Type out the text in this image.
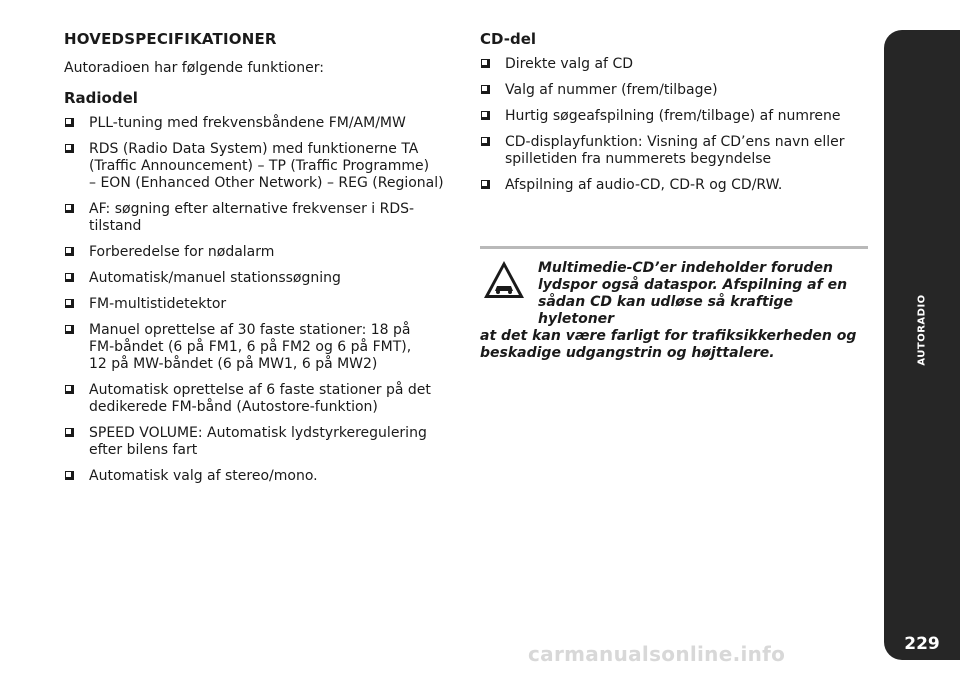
HOVEDSPECIFIKATIONER

Autoradioen har følgende funktioner:

Radiodel
PLL-tuning med frekvensbåndene FM/AM/MW
RDS (Radio Data System) med funktionerne TA
(Traffic Announcement) – TP (Traffic Programme)
– EON (Enhanced Other Network) – REG (Regional)
AF: søgning efter alternative frekvenser i RDS-tilstand
Forberedelse for nødalarm
Automatisk/manuel stationssøgning
FM-multistidetektor
Manuel oprettelse af 30 faste stationer: 18 på
FM-båndet (6 på FM1, 6 på FM2 og 6 på FMT),
12 på MW-båndet (6 på MW1, 6 på MW2)
Automatisk oprettelse af 6 faste stationer på det
dedikerede FM-bånd (Autostore-funktion)
SPEED VOLUME: Automatisk lydstyrkeregulering
efter bilens fart
Automatisk valg af stereo/mono.
CD-del
Direkte valg af CD
Valg af nummer (frem/tilbage)
Hurtig søgeafspilning (frem/tilbage) af numrene
CD-displayfunktion: Visning af CD’ens navn eller
spilletiden fra nummerets begyndelse
Afspilning af audio-CD, CD-R og CD/RW.
Multimedie-CD’er indeholder foruden
lydspor også dataspor. Afspilning af en
sådan CD kan udløse så kraftige hyletoner
at det kan være farligt for trafiksikkerheden og
beskadige udgangstrin og højttalere.	AUTORADIO
229
carmanualsonline.info
